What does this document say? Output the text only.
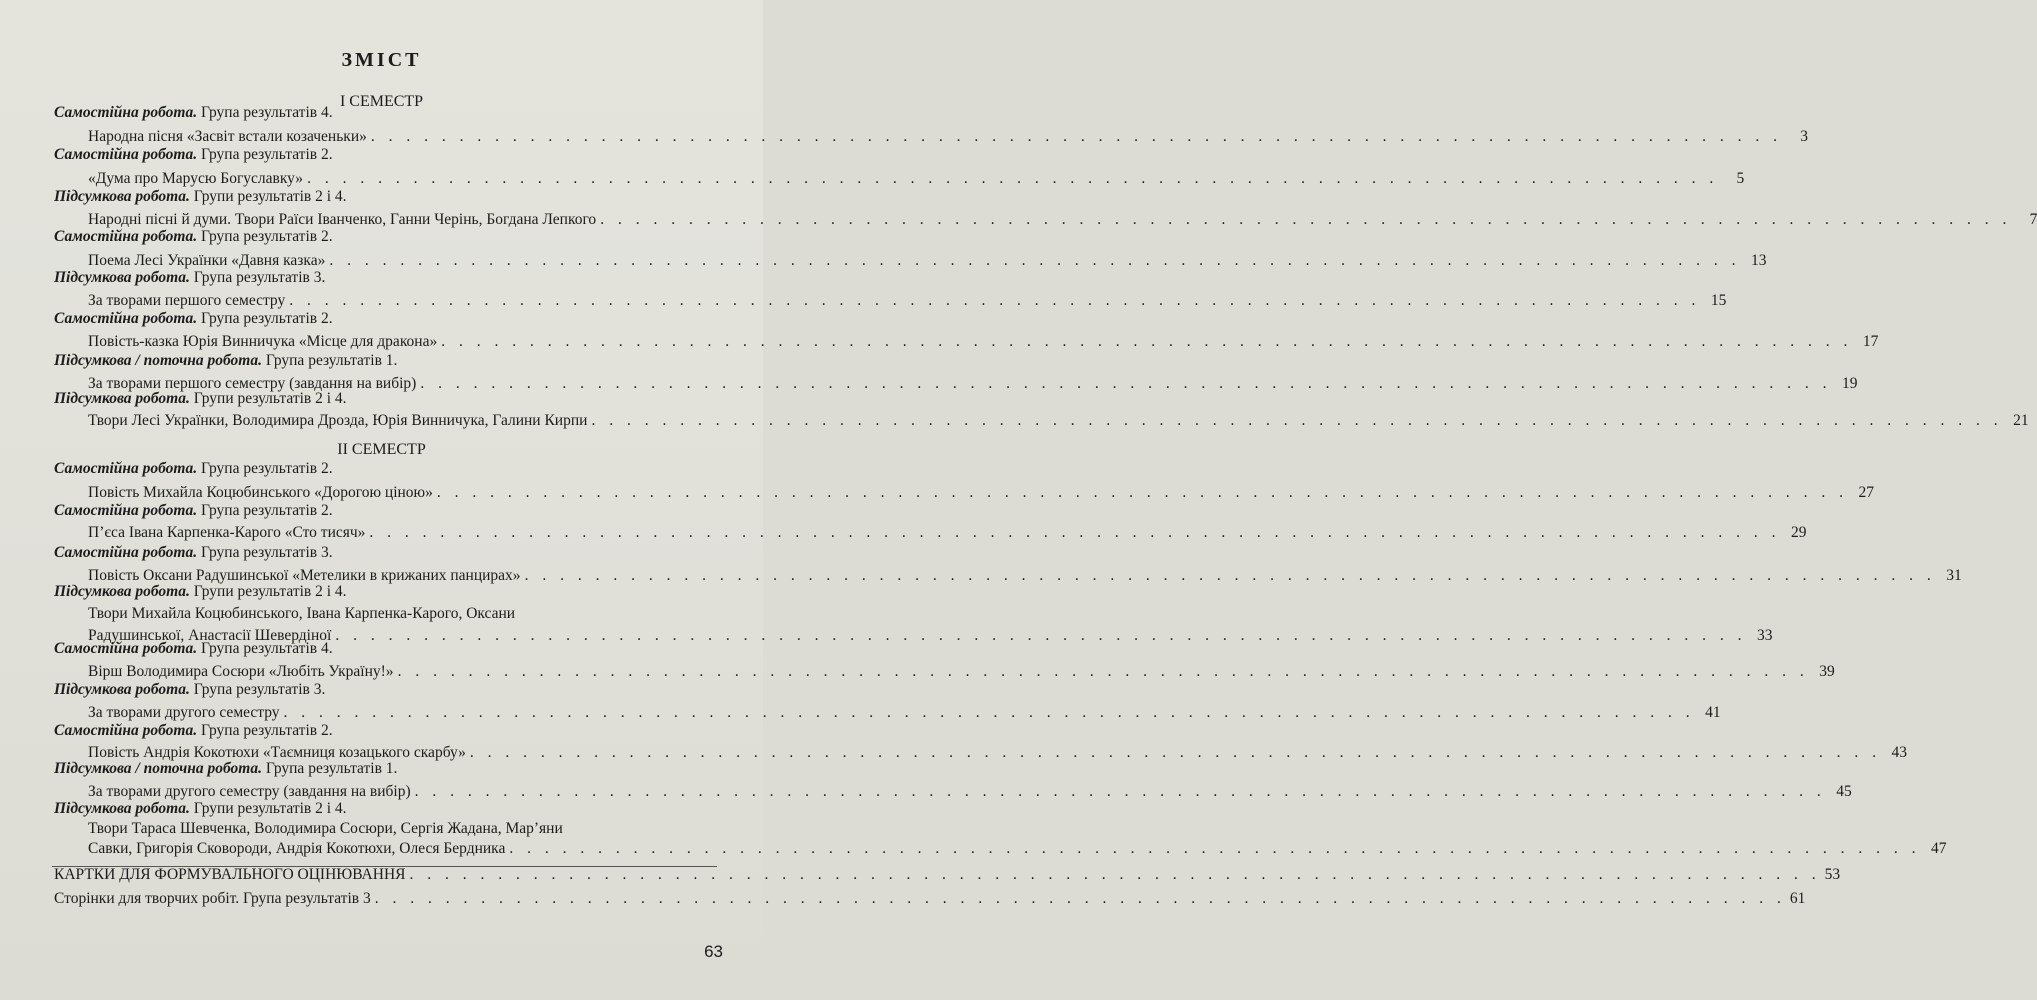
ЗМІСТ
І СЕМЕСТР
Самостійна робота. Група результатів 4.
Народна пісня «Засвіт встали козаченьки» . . . . . . . . . . . . . . . . . . . . . . . . . . . . . . . . . . . . . . . . . . . . . . . . . . . . . . . . . . . . . . . . . . . . . . . . . . . . . . . .	3
Самостійна робота. Група результатів 2.
«Дума про Марусю Богуславку» . . . . . . . . . . . . . . . . . . . . . . . . . . . . . . . . . . . . . . . . . . . . . . . . . . . . . . . . . . . . . . . . . . . . . . . . . . . . . . . .	5
Підсумкова робота. Групи результатів 2 і 4.
Народні пісні й думи. Твори Раїси Іванченко, Ганни Черінь, Богдана Лепкого . . . . . . . . . . . . . . . . . . . . . . . . . . . . . . . . . . . . . . . . . . . . . . . . . . . . . . . . . . . . . . . . . . . . . . . . . . . . . . . .	7
Самостійна робота. Група результатів 2.
Поема Лесі Українки «Давня казка» . . . . . . . . . . . . . . . . . . . . . . . . . . . . . . . . . . . . . . . . . . . . . . . . . . . . . . . . . . . . . . . . . . . . . . . . . . . . . . . . 13
Підсумкова робота. Група результатів 3.
За творами першого семестру . . . . . . . . . . . . . . . . . . . . . . . . . . . . . . . . . . . . . . . . . . . . . . . . . . . . . . . . . . . . . . . . . . . . . . . . . . . . . . . . 15
Самостійна робота. Група результатів 2.
Повість-казка Юрія Винничука «Місце для дракона» . . . . . . . . . . . . . . . . . . . . . . . . . . . . . . . . . . . . . . . . . . . . . . . . . . . . . . . . . . . . . . . . . . . . . . . . . . . . . . . . 17
Підсумкова / поточна робота. Група результатів 1.
За творами першого семестру (завдання на вибір) . . . . . . . . . . . . . . . . . . . . . . . . . . . . . . . . . . . . . . . . . . . . . . . . . . . . . . . . . . . . . . . . . . . . . . . . . . . . . . . . 19
Підсумкова робота. Групи результатів 2 і 4.
Твори Лесі Українки, Володимира Дрозда, Юрія Винничука, Галини Кирпи . . . . . . . . . . . . . . . . . . . . . . . . . . . . . . . . . . . . . . . . . . . . . . . . . . . . . . . . . . . . . . . . . . . . . . . . . . . . . . . . 21
ІІ СЕМЕСТР
Самостійна робота. Група результатів 2.
Повість Михайла Коцюбинського «Дорогою ціною» . . . . . . . . . . . . . . . . . . . . . . . . . . . . . . . . . . . . . . . . . . . . . . . . . . . . . . . . . . . . . . . . . . . . . . . . . . . . . . . . 27
Самостійна робота. Група результатів 2.
П’єса Івана Карпенка-Карого «Сто тисяч» . . . . . . . . . . . . . . . . . . . . . . . . . . . . . . . . . . . . . . . . . . . . . . . . . . . . . . . . . . . . . . . . . . . . . . . . . . . . . . . . 29
Самостійна робота. Група результатів 3.
Повість Оксани Радушинської «Метелики в крижаних панцирах» . . . . . . . . . . . . . . . . . . . . . . . . . . . . . . . . . . . . . . . . . . . . . . . . . . . . . . . . . . . . . . . . . . . . . . . . . . . . . . . . 31
Підсумкова робота. Групи результатів 2 і 4.
Твори Михайла Коцюбинського, Івана Карпенка-Карого, Оксани
Радушинської, Анастасії Шевердіної . . . . . . . . . . . . . . . . . . . . . . . . . . . . . . . . . . . . . . . . . . . . . . . . . . . . . . . . . . . . . . . . . . . . . . . . . . . . . . . . 33
Самостійна робота. Група результатів 4.
Вірш Володимира Сосюри «Любіть Україну!» . . . . . . . . . . . . . . . . . . . . . . . . . . . . . . . . . . . . . . . . . . . . . . . . . . . . . . . . . . . . . . . . . . . . . . . . . . . . . . . . 39
Підсумкова робота. Група результатів 3.
За творами другого семестру . . . . . . . . . . . . . . . . . . . . . . . . . . . . . . . . . . . . . . . . . . . . . . . . . . . . . . . . . . . . . . . . . . . . . . . . . . . . . . . . 41
Самостійна робота. Група результатів 2.
Повість Андрія Кокотюхи «Таємниця козацького скарбу» . . . . . . . . . . . . . . . . . . . . . . . . . . . . . . . . . . . . . . . . . . . . . . . . . . . . . . . . . . . . . . . . . . . . . . . . . . . . . . . . 43
Підсумкова / поточна робота. Група результатів 1.
За творами другого семестру (завдання на вибір) . . . . . . . . . . . . . . . . . . . . . . . . . . . . . . . . . . . . . . . . . . . . . . . . . . . . . . . . . . . . . . . . . . . . . . . . . . . . . . . . 45
Підсумкова робота. Групи результатів 2 і 4.
Твори Тараса Шевченка, Володимира Сосюри, Сергія Жадана, Мар’яни
Савки, Григорія Сковороди, Андрія Кокотюхи, Олеся Бердника . . . . . . . . . . . . . . . . . . . . . . . . . . . . . . . . . . . . . . . . . . . . . . . . . . . . . . . . . . . . . . . . . . . . . . . . . . . . . . . . 47
КАРТКИ ДЛЯ ФОРМУВАЛЬНОГО ОЦІНЮВАННЯ . . . . . . . . . . . . . . . . . . . . . . . . . . . . . . . . . . . . . . . . . . . . . . . . . . . . . . . . . . . . . . . . . . . . . . . . . . . . . . . . 53
Сторінки для творчих робіт. Група результатів 3 . . . . . . . . . . . . . . . . . . . . . . . . . . . . . . . . . . . . . . . . . . . . . . . . . . . . . . . . . . . . . . . . . . . . . . . . . . . . . . . . 61
63
